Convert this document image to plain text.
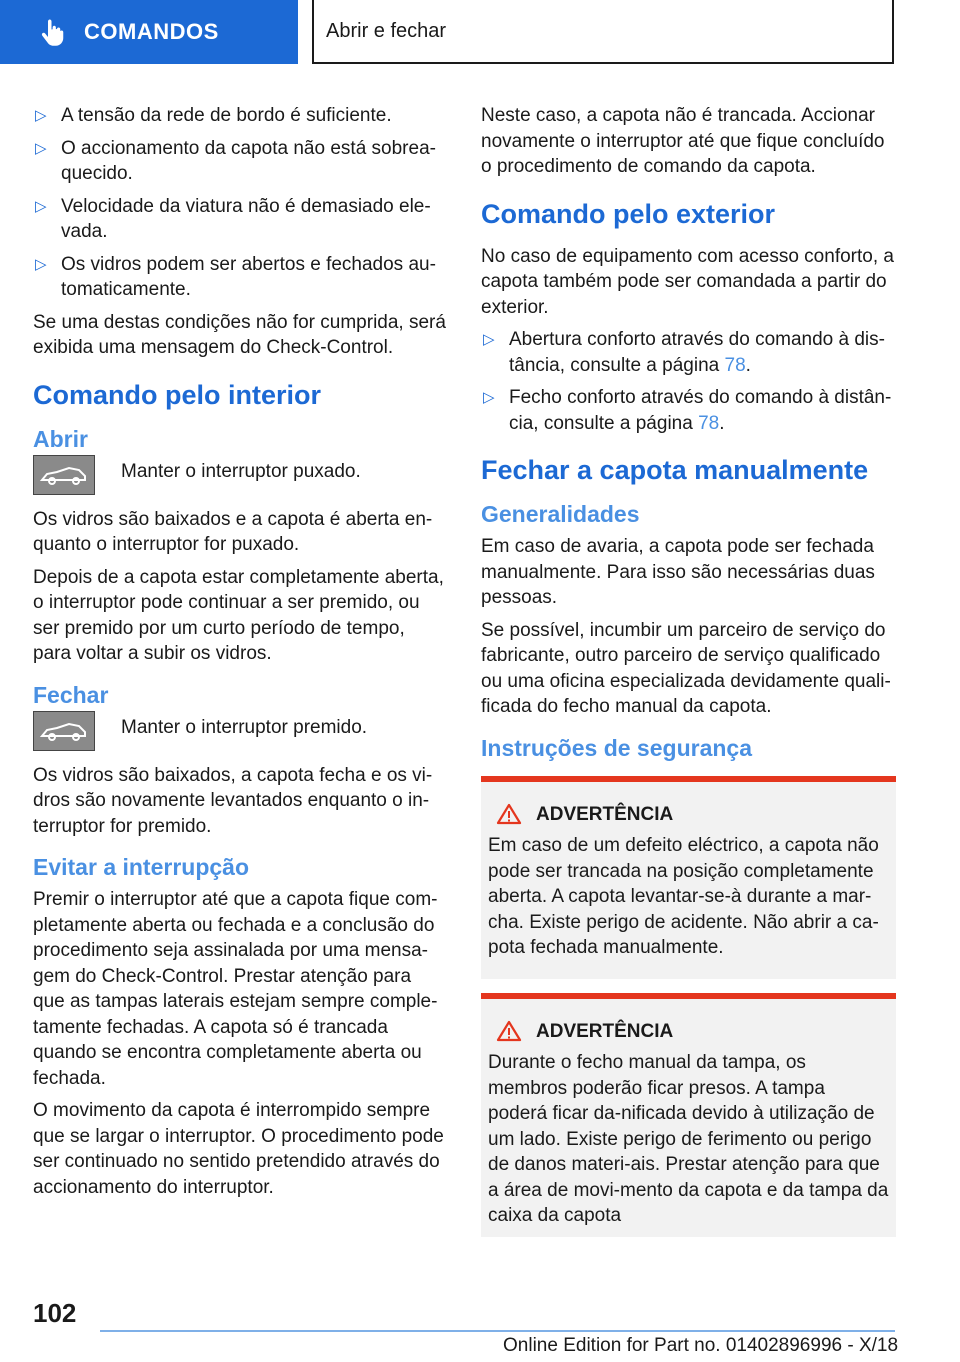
COMANDOS	Abrir e fechar
▷ A tensão da rede de bordo é suficiente.
▷ O accionamento da capota não está sobrea-quecido.
▷ Velocidade da viatura não é demasiado ele-vada.
▷ Os vidros podem ser abertos e fechados au-tomaticamente.

Se uma destas condições não for cumprida, será exibida uma mensagem do Check-Control.

Comando pelo interior
Abrir
Manter o interruptor puxado.

Os vidros são baixados e a capota é aberta en-quanto o interruptor for puxado.

Depois de a capota estar completamente aberta, o interruptor pode continuar a ser premido, ou ser premido por um curto período de tempo, para voltar a subir os vidros.

Fechar
Manter o interruptor premido.

Os vidros são baixados, a capota fecha e os vi-dros são novamente levantados enquanto o in-terruptor for premido.

Evitar a interrupção

Premir o interruptor até que a capota fique com-pletamente aberta ou fechada e a conclusão do procedimento seja assinalada por uma mensa-gem do Check-Control. Prestar atenção para que as tampas laterais estejam sempre comple-tamente fechadas. A capota só é trancada quando se encontra completamente aberta ou fechada.

O movimento da capota é interrompido sempre que se largar o interruptor. O procedimento pode ser continuado no sentido pretendido através do accionamento do interruptor.

Neste caso, a capota não é trancada. Accionar novamente o interruptor até que fique concluído o procedimento de comando da capota.

Comando pelo exterior

No caso de equipamento com acesso conforto, a capota também pode ser comandada a partir do exterior.

▷ Abertura conforto através do comando à dis-tância, consulte a página 78.
▷ Fecho conforto através do comando à distân-cia, consulte a página 78.
Fechar a capota manualmente
Generalidades

Em caso de avaria, a capota pode ser fechada manualmente. Para isso são necessárias duas pessoas.

Se possível, incumbir um parceiro de serviço do fabricante, outro parceiro de serviço qualificado ou uma oficina especializada devidamente quali-ficada do fecho manual da capota.

Instruções de segurança
ADVERTÊNCIA
Em caso de um defeito eléctrico, a capota não pode ser trancada na posição completamente aberta. A capota levantar-se-à durante a mar-cha. Existe perigo de acidente. Não abrir a ca-pota fechada manualmente.
ADVERTÊNCIA
Durante o fecho manual da tampa, os membros poderão ficar presos. A tampa poderá ficar da-nificada devido à utilização de um lado. Existe perigo de ferimento ou perigo de danos materi-ais. Prestar atenção para que a área de movi-mento da capota e da tampa da caixa da capota
102
Online Edition for Part no. 01402896996 - X/18
